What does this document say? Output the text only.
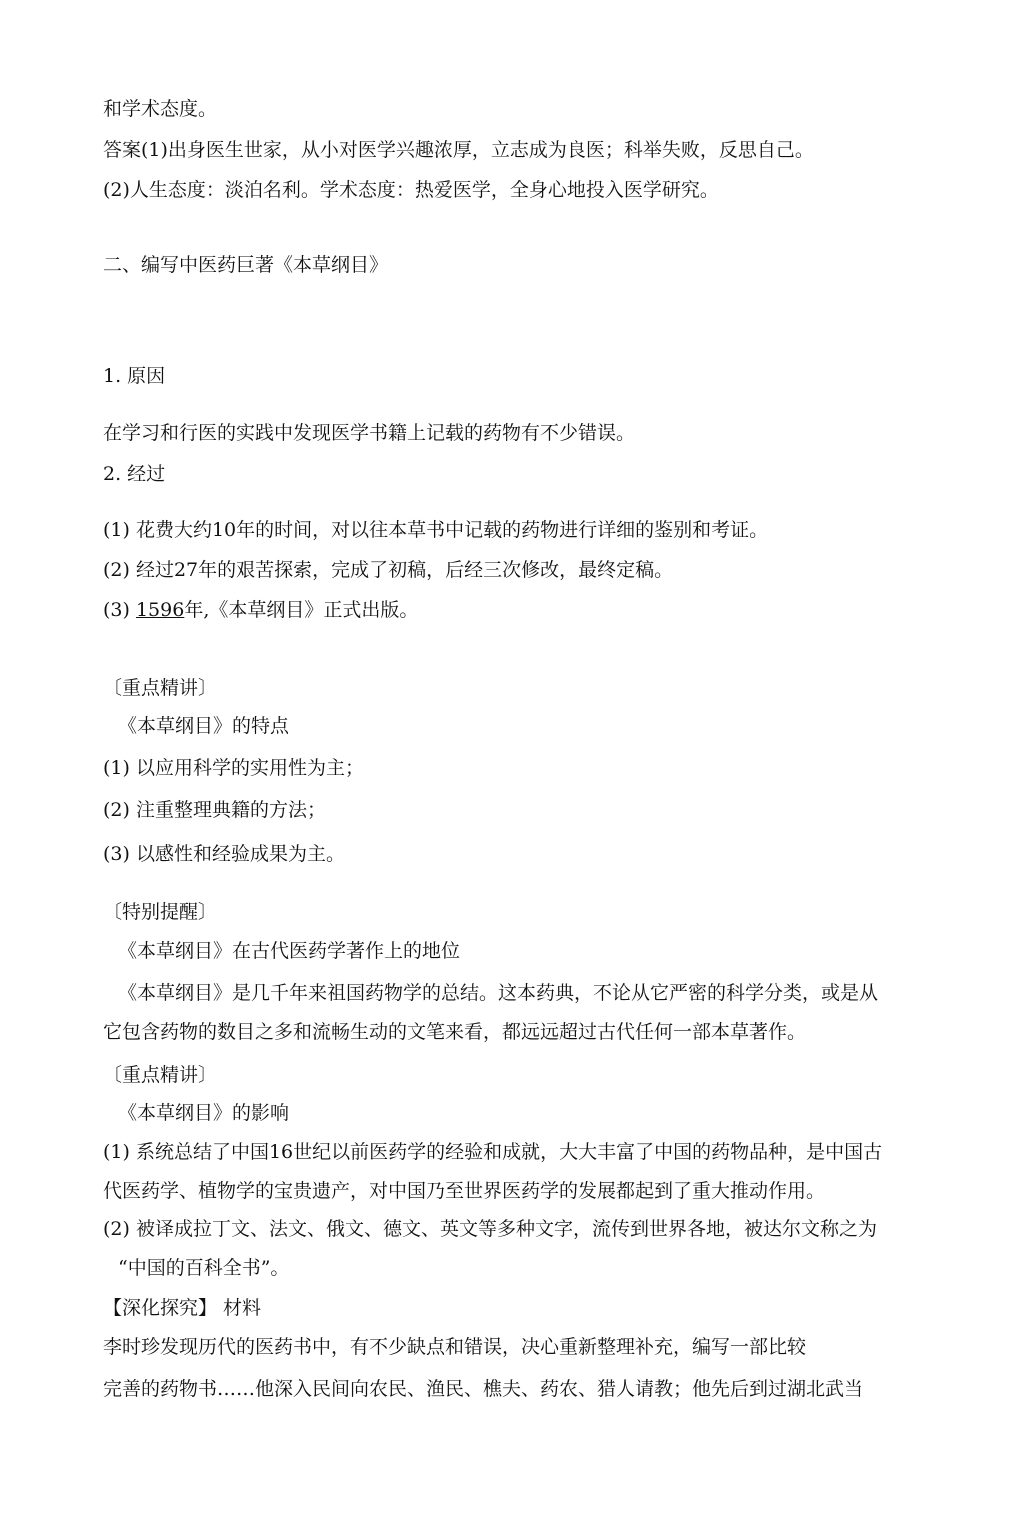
和学术态度。
答案(1)出身医生世家，从小对医学兴趣浓厚，立志成为良医；科举失败，反思自己。
(2)人生态度：淡泊名利。学术态度：热爱医学，全身心地投入医学研究。
二、编写中医药巨著《本草纲目》
1. 原因
在学习和行医的实践中发现医学书籍上记载的药物有不少错误。
2. 经过
(1) 花费大约10年的时间，对以往本草书中记载的药物进行详细的鉴别和考证。
(2) 经过27年的艰苦探索，完成了初稿，后经三次修改，最终定稿。
(3) 1596年,《本草纲目》正式出版。
〔重点精讲〕
《本草纲目》的特点
(1) 以应用科学的实用性为主；
(2) 注重整理典籍的方法；
(3) 以感性和经验成果为主。
〔特别提醒〕
《本草纲目》在古代医药学著作上的地位
《本草纲目》是几千年来祖国药物学的总结。这本药典，不论从它严密的科学分类，或是从
它包含药物的数目之多和流畅生动的文笔来看，都远远超过古代任何一部本草著作。
〔重点精讲〕
《本草纲目》的影响
(1) 系统总结了中国16世纪以前医药学的经验和成就，大大丰富了中国的药物品种，是中国古
代医药学、植物学的宝贵遗产，对中国乃至世界医药学的发展都起到了重大推动作用。
(2) 被译成拉丁文、法文、俄文、德文、英文等多种文字，流传到世界各地，被达尔文称之为
“中国的百科全书”。
【深化探究】 材料
李时珍发现历代的医药书中，有不少缺点和错误，决心重新整理补充，编写一部比较
完善的药物书……他深入民间向农民、渔民、樵夫、药农、猎人请教；他先后到过湖北武当
